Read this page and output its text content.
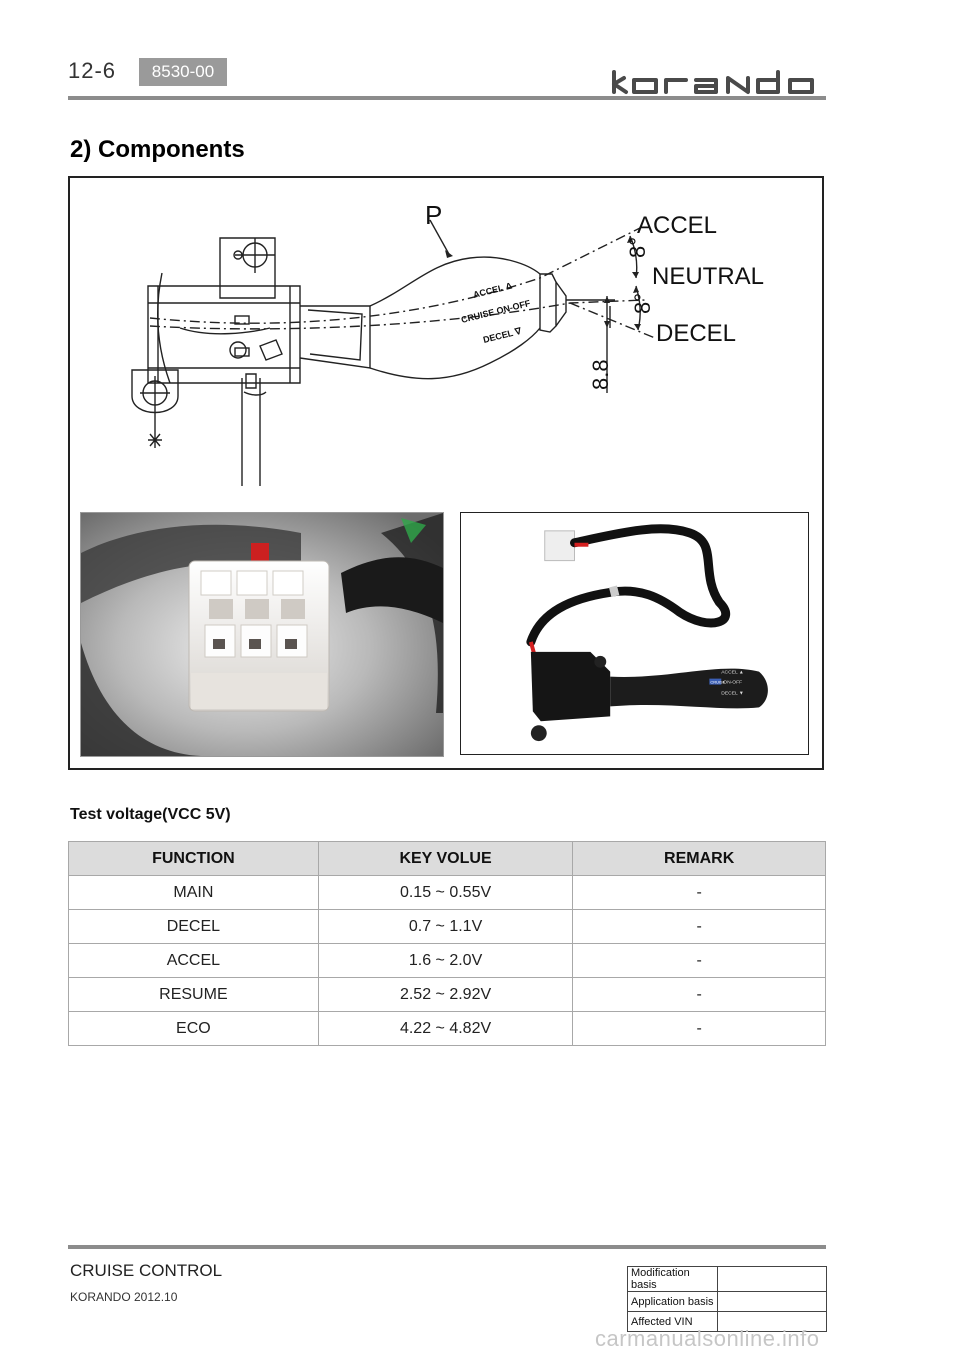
12-6	8530-00
2) Components
P	ACCEL
NEUTRAL
DECEL
8°
8°
8.8
ACCEL Δ
CRUISE ON-OFF
DECEL ∇
ACCEL ▲
CRUISE
ON-OFF
DECEL ▼
Test voltage(VCC 5V)
FUNCTION	KEY VOLUE	REMARK
MAIN	0.15 ~ 0.55V	-
DECEL	0.7 ~ 1.1V	-
ACCEL	1.6 ~ 2.0V	-
RESUME	2.52 ~ 2.92V	-
ECO	4.22 ~ 4.82V	-
CRUISE CONTROL
KORANDO 2012.10
Modification basis	
Application basis	
Affected VIN	
carmanualsonline.info
